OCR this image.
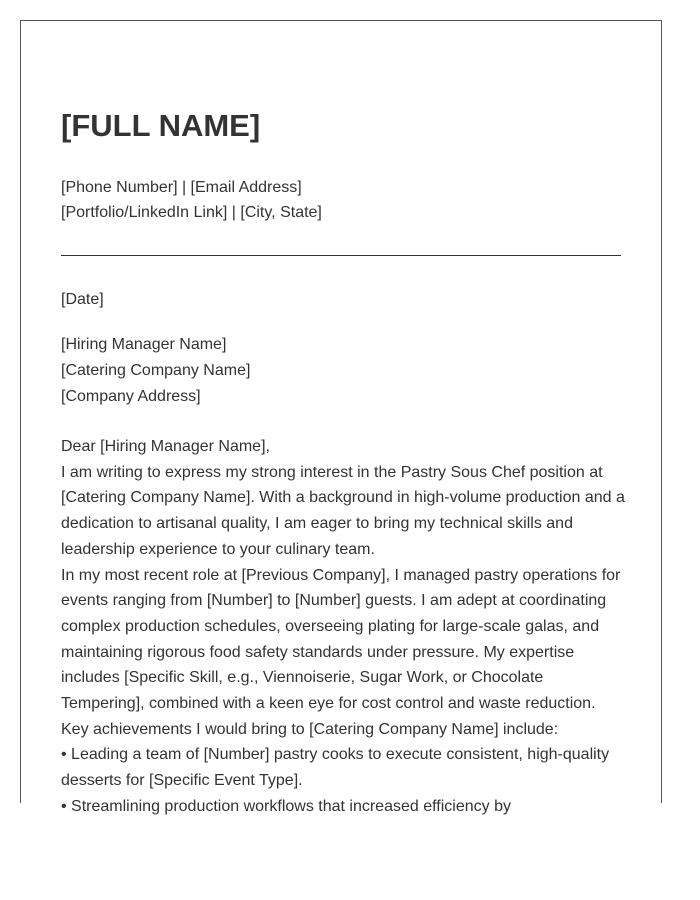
[FULL NAME]
[Phone Number] | [Email Address]
[Portfolio/LinkedIn Link] | [City, State]
[Date]
[Hiring Manager Name]
[Catering Company Name]
[Company Address]

Dear [Hiring Manager Name],

I am writing to express my strong interest in the Pastry Sous Chef position at [Catering Company Name]. With a background in high-volume production and a dedication to artisanal quality, I am eager to bring my technical skills and leadership experience to your culinary team.

In my most recent role at [Previous Company], I managed pastry operations for events ranging from [Number] to [Number] guests. I am adept at coordinating complex production schedules, overseeing plating for large-scale galas, and maintaining rigorous food safety standards under pressure. My expertise includes [Specific Skill, e.g., Viennoiserie, Sugar Work, or Chocolate Tempering], combined with a keen eye for cost control and waste reduction.

Key achievements I would bring to [Catering Company Name] include:

• Leading a team of [Number] pastry cooks to execute consistent, high-quality desserts for [Specific Event Type].

• Streamlining production workflows that increased efficiency by
